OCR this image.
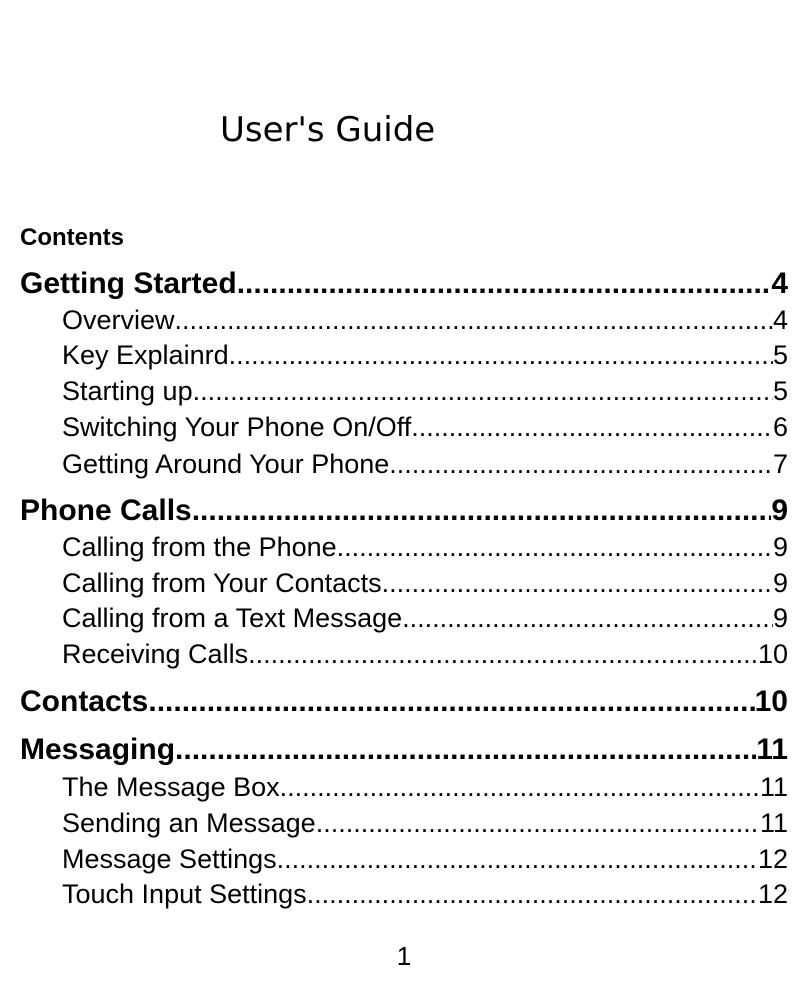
User's Guide
Contents
Getting Started .....	4
Overview .....	4
Key Explainrd .....	5
Starting up .....	5
Switching Your Phone On/Off .....	6
Getting Around Your Phone .....	7
Phone Calls .....	9
Calling from the Phone .....	9
Calling from Your Contacts .....	9
Calling from a Text Message .....	9
Receiving Calls .....	10
Contacts .....	10
Messaging .....	11
The Message Box .....	11
Sending an Message .....	11
Message Settings .....	12
Touch Input Settings .....	12
1
